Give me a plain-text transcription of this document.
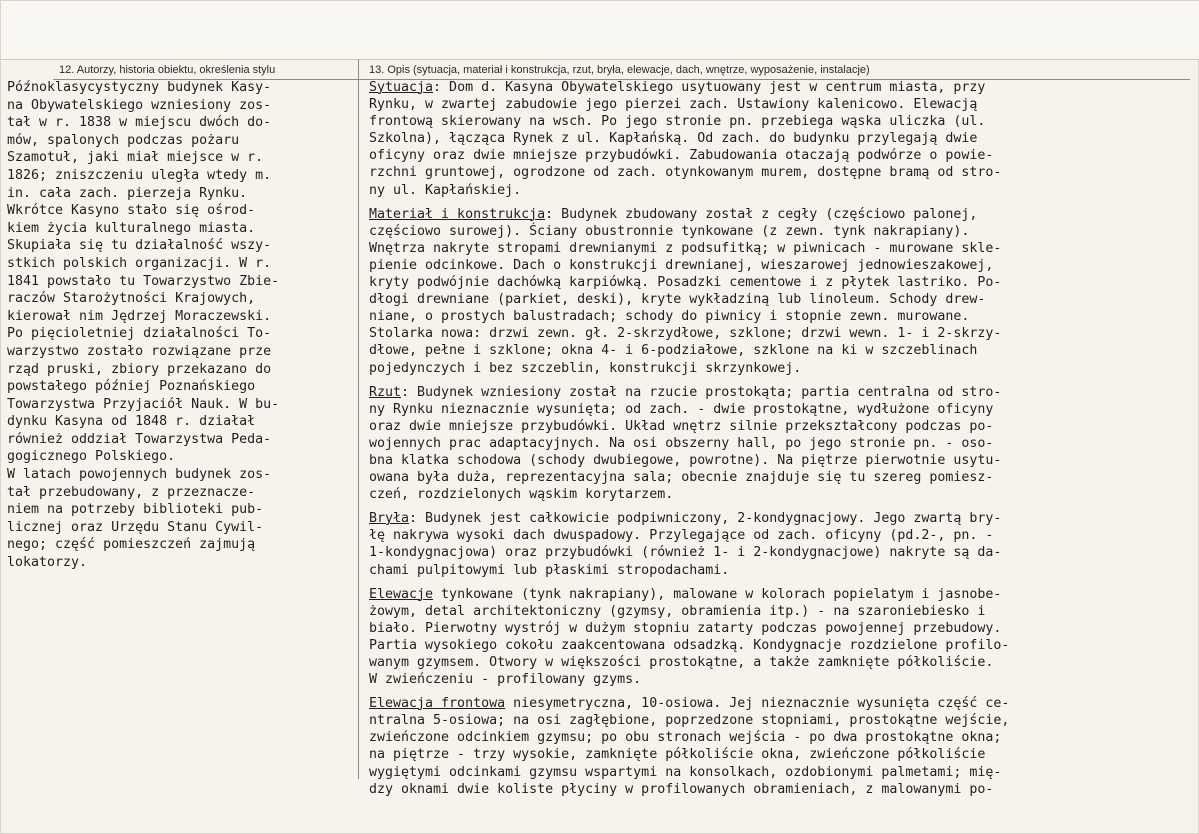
12. Autorzy, historia obiektu, określenia stylu	13. Opis (sytuacja, materiał i konstrukcja, rzut, bryła, elewacje, dach, wnętrze, wyposażenie, instalacje)
Późnoklasycystyczny budynek Kasy-
na Obywatelskiego wzniesiony zos-
tał w r. 1838 w miejscu dwóch do-
mów, spalonych podczas pożaru
Szamotuł, jaki miał miejsce w r.
1826; zniszczeniu uległa wtedy m.
in. cała zach. pierzeja Rynku.
Wkrótce Kasyno stało się ośrod-
kiem życia kulturalnego miasta.
Skupiała się tu działalność wszy-
stkich polskich organizacji. W r.
1841 powstało tu Towarzystwo Zbie-
raczów Starożytności Krajowych,
kierował nim Jędrzej Moraczewski.
Po pięcioletniej działalności To-
warzystwo zostało rozwiązane prze
rząd pruski, zbiory przekazano do
powstałego później Poznańskiego
Towarzystwa Przyjaciół Nauk. W bu-
dynku Kasyna od 1848 r. działał
również oddział Towarzystwa Peda-
gogicznego Polskiego.
W latach powojennych budynek zos-
tał przebudowany, z przeznacze-
niem na potrzeby biblioteki pub-
licznej oraz Urzędu Stanu Cywil-
nego; część pomieszczeń zajmują
lokatorzy.
Sytuacja: Dom d. Kasyna Obywatelskiego usytuowany jest w centrum miasta, przy
Rynku, w zwartej zabudowie jego pierzei zach. Ustawiony kalenicowo. Elewacją
frontową skierowany na wsch. Po jego stronie pn. przebiega wąska uliczka (ul.
Szkolna), łącząca Rynek z ul. Kapłańską. Od zach. do budynku przylegają dwie
oficyny oraz dwie mniejsze przybudówki. Zabudowania otaczają podwórze o powie-
rzchni gruntowej, ogrodzone od zach. otynkowanym murem, dostępne bramą od stro-
ny ul. Kapłańskiej.
Materiał i konstrukcja: Budynek zbudowany został z cegły (częściowo palonej,
częściowo surowej). Ściany obustronnie tynkowane (z zewn. tynk nakrapiany).
Wnętrza nakryte stropami drewnianymi z podsufitką; w piwnicach - murowane skle-
pienie odcinkowe. Dach o konstrukcji drewnianej, wieszarowej jednowieszakowej,
kryty podwójnie dachówką karpiówką. Posadzki cementowe i z płytek lastriko. Po-
dłogi drewniane (parkiet, deski), kryte wykładziną lub linoleum. Schody drew-
niane, o prostych balustradach; schody do piwnicy i stopnie zewn. murowane.
Stolarka nowa: drzwi zewn. gł. 2-skrzydłowe, szklone; drzwi wewn. 1- i 2-skrzy-
dłowe, pełne i szklone; okna 4- i 6-podziałowe, szklone na ki w szczeblinach
pojedynczych i bez szczeblin, konstrukcji skrzynkowej.
Rzut: Budynek wzniesiony został na rzucie prostokąta; partia centralna od stro-
ny Rynku nieznacznie wysunięta; od zach. - dwie prostokątne, wydłużone oficyny
oraz dwie mniejsze przybudówki. Układ wnętrz silnie przekształcony podczas po-
wojennych prac adaptacyjnych. Na osi obszerny hall, po jego stronie pn. - oso-
bna klatka schodowa (schody dwubiegowe, powrotne). Na piętrze pierwotnie usytu-
owana była duża, reprezentacyjna sala; obecnie znajduje się tu szereg pomiesz-
czeń, rozdzielonych wąskim korytarzem.
Bryła: Budynek jest całkowicie podpiwniczony, 2-kondygnacjowy. Jego zwartą bry-
łę nakrywa wysoki dach dwuspadowy. Przylegające od zach. oficyny (pd.2-, pn. -
1-kondygnacjowa) oraz przybudówki (również 1- i 2-kondygnacjowe) nakryte są da-
chami pulpitowymi lub płaskimi stropodachami.
Elewacje tynkowane (tynk nakrapiany), malowane w kolorach popielatym i jasnobe-
żowym, detal architektoniczny (gzymsy, obramienia itp.) - na szaroniebiesko i
biało. Pierwotny wystrój w dużym stopniu zatarty podczas powojennej przebudowy.
Partia wysokiego cokołu zaakcentowana odsadzką. Kondygnacje rozdzielone profilo-
wanym gzymsem. Otwory w większości prostokątne, a także zamknięte półkoliście.
W zwieńczeniu - profilowany gzyms.
Elewacja frontowa niesymetryczna, 10-osiowa. Jej nieznacznie wysunięta część ce-
ntralna 5-osiowa; na osi zagłębione, poprzedzone stopniami, prostokątne wejście,
zwieńczone odcinkiem gzymsu; po obu stronach wejścia - po dwa prostokątne okna;
na piętrze - trzy wysokie, zamknięte półkoliście okna, zwieńczone półkoliście
wygiętymi odcinkami gzymsu wspartymi na konsolkach, ozdobionymi palmetami; mię-
dzy oknami dwie koliste płyciny w profilowanych obramieniach, z malowanymi po-
